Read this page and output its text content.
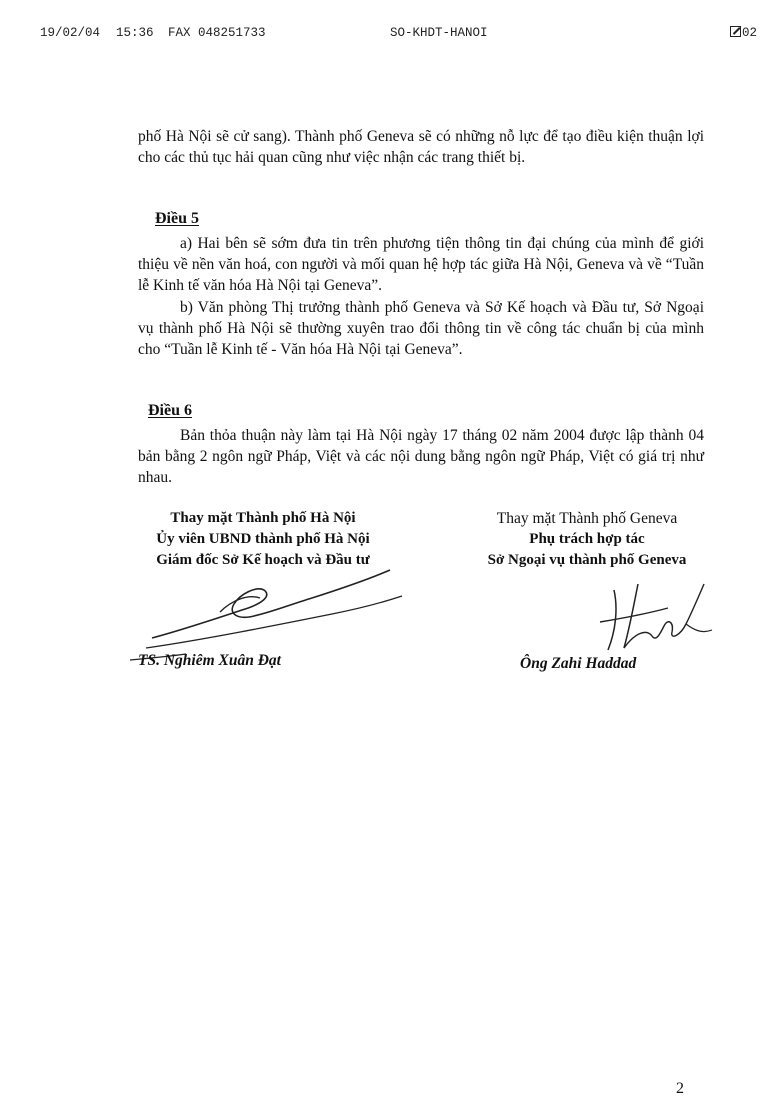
19/02/04 15:36 FAX 048251733	SO-KHDT-HANOI	02

phố Hà Nội sẽ cử sang). Thành phố Geneva sẽ có những nỗ lực để tạo điều kiện thuận lợi cho các thủ tục hải quan cũng như việc nhận các trang thiết bị.

Điều 5

a) Hai bên sẽ sớm đưa tin trên phương tiện thông tin đại chúng của mình để giới thiệu về nền văn hoá, con người và mối quan hệ hợp tác giữa Hà Nội, Geneva và về “Tuần lễ Kinh tế văn hóa Hà Nội tại Geneva”.

b) Văn phòng Thị trưởng thành phố Geneva và Sở Kế hoạch và Đầu tư, Sở Ngoại vụ thành phố Hà Nội sẽ thường xuyên trao đổi thông tin về công tác chuẩn bị của mình cho “Tuần lễ Kinh tế - Văn hóa Hà Nội tại Geneva”.

Điều 6

Bản thỏa thuận này làm tại Hà Nội ngày 17 tháng 02 năm 2004 được lập thành 04 bản bằng 2 ngôn ngữ Pháp, Việt và các nội dung bằng ngôn ngữ Pháp, Việt có giá trị như nhau.

Thay mặt Thành phố Hà Nội
Ủy viên UBND thành phố Hà Nội
Giám đốc Sở Kế hoạch và Đầu tư
Thay mặt Thành phố Geneva
Phụ trách hợp tác
Sở Ngoại vụ thành phố Geneva
TS. Nghiêm Xuân Đạt	Ông Zahi Haddad
2
